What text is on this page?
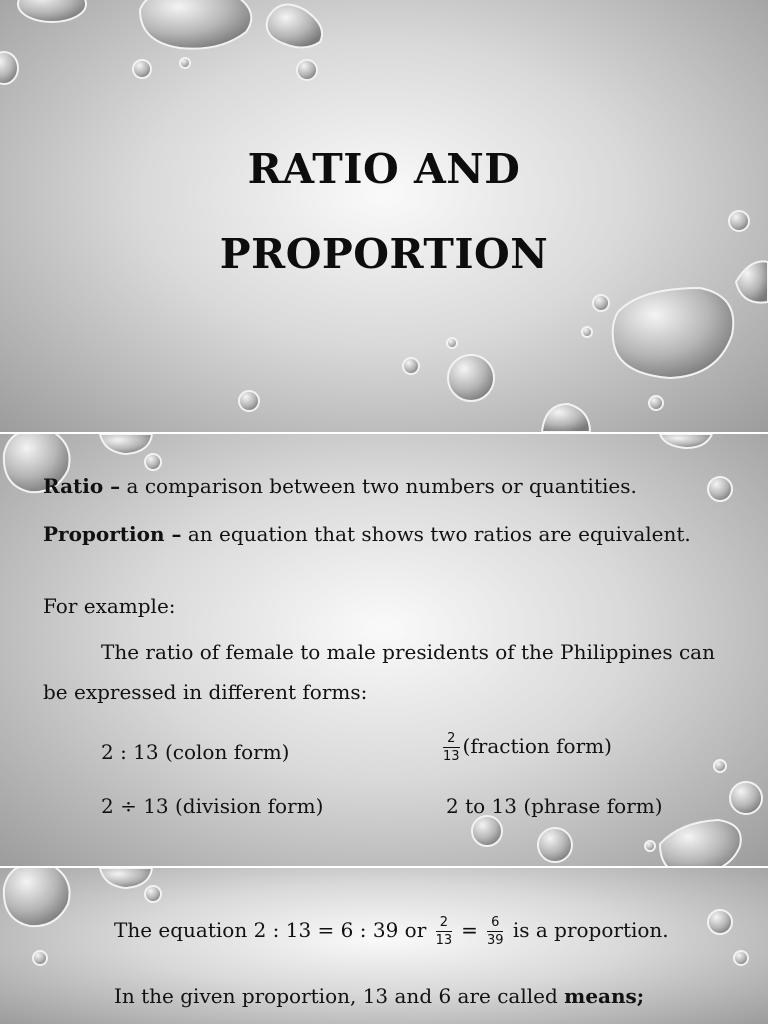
RATIO AND
PROPORTION
Ratio – a comparison between two numbers or quantities.
Proportion – an equation that shows two ratios are equivalent.
For example:
The ratio of female to male presidents of the Philippines can
be expressed in different forms:
2 : 13 (colon form)	$\frac{2}{13}$ (fraction form)
2 ÷ 13 (division form)	2 to 13 (phrase form)
The equation 2 : 13 = 6 : 39 or $\frac{2}{13} = \frac{6}{39}$ is a proportion.
In the given proportion, 13 and 6 are called means;
